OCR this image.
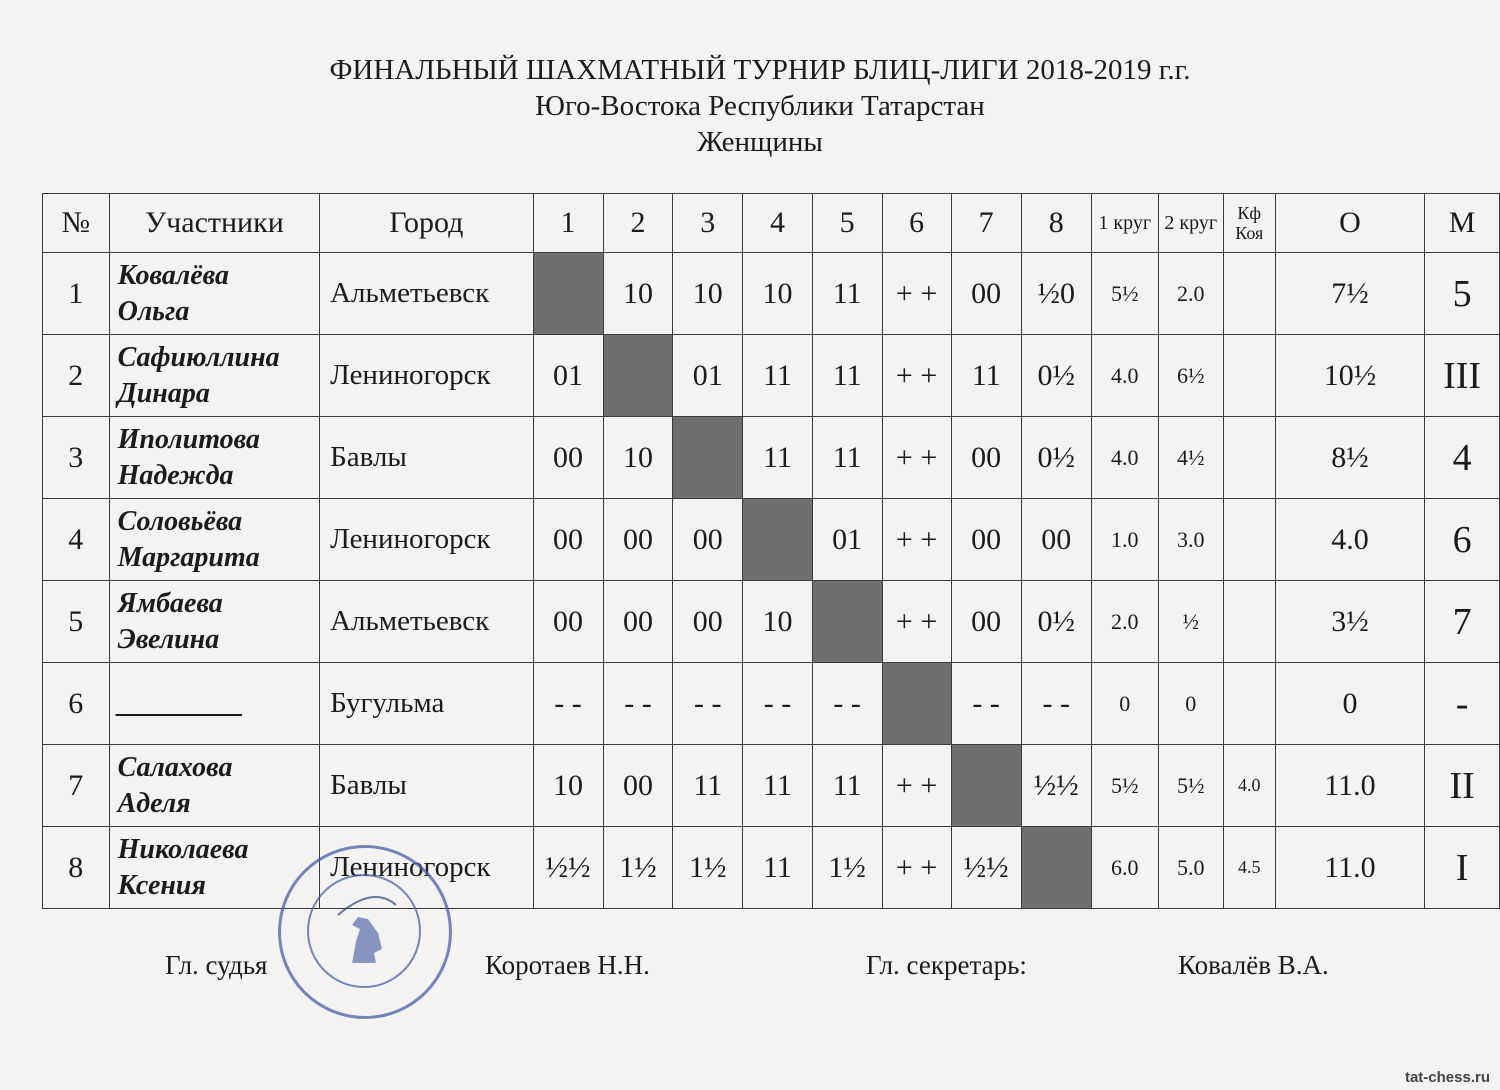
ФИНАЛЬНЫЙ ШАХМАТНЫЙ ТУРНИР БЛИЦ-ЛИГИ 2018-2019 г.г.
Юго-Востока Республики Татарстан
Женщины
№	Участники	Город	1	2	3	4	5	6	7	8	1 круг	2 круг	Кф Коя	О	М
1	Ковалёва
Ольга	Альметьевск		10	10	10	11	+ +	00	½0	5½	2.0		7½	5
2	Сафиюллина
Динара	Лениногорск	01		01	11	11	+ +	11	0½	4.0	6½		10½	III
3	Иполитова
Надежда	Бавлы	00	10		11	11	+ +	00	0½	4.0	4½		8½	4
4	Соловьёва
Маргарита	Лениногорск	00	00	00		01	+ +	00	00	1.0	3.0		4.0	6
5	Ямбаева
Эвелина	Альметьевск	00	00	00	10		+ +	00	0½	2.0	½		3½	7
6	_________	Бугульма	- -	- -	- -	- -	- -		- -	- -	0	0		0	-
7	Салахова
Аделя	Бавлы	10	00	11	11	11	+ +		½½	5½	5½	4.0	11.0	II
8	Николаева
Ксения	Лениногорск	½½	1½	1½	11	1½	+ +	½½		6.0	5.0	4.5	11.0	I
Гл. судья	Коротаев Н.Н.	Гл. секретарь:	Ковалёв В.А.
tat-chess.ru
